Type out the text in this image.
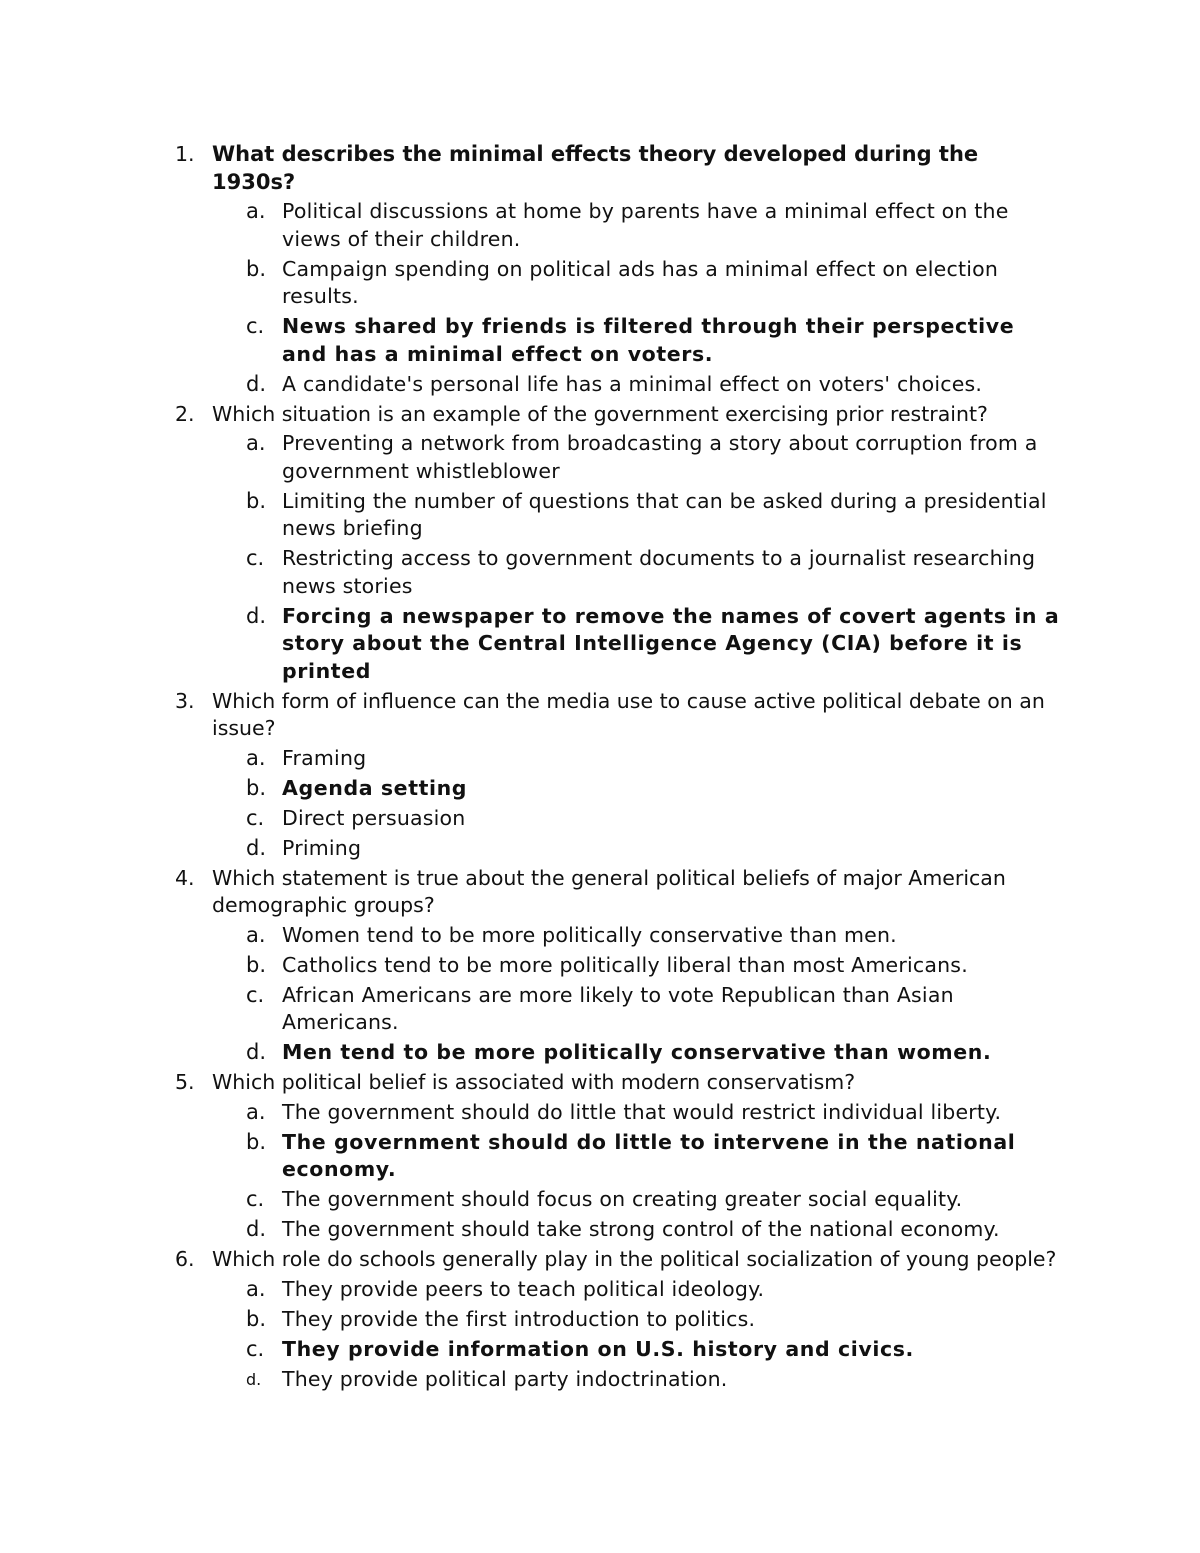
1. What describes the minimal effects theory developed during the 1930s?
a. Political discussions at home by parents have a minimal effect on the views of their children.
b. Campaign spending on political ads has a minimal effect on election results.
c. News shared by friends is filtered through their perspective and has a minimal effect on voters.
d. A candidate's personal life has a minimal effect on voters' choices.
2. Which situation is an example of the government exercising prior restraint?
a. Preventing a network from broadcasting a story about corruption from a government whistleblower
b. Limiting the number of questions that can be asked during a presidential news briefing
c. Restricting access to government documents to a journalist researching news stories
d. Forcing a newspaper to remove the names of covert agents in a story about the Central Intelligence Agency (CIA) before it is printed
3. Which form of influence can the media use to cause active political debate on an issue?
a. Framing
b. Agenda setting
c. Direct persuasion
d. Priming
4. Which statement is true about the general political beliefs of major American demographic groups?
a. Women tend to be more politically conservative than men.
b. Catholics tend to be more politically liberal than most Americans.
c. African Americans are more likely to vote Republican than Asian Americans.
d. Men tend to be more politically conservative than women.
5. Which political belief is associated with modern conservatism?
a. The government should do little that would restrict individual liberty.
b. The government should do little to intervene in the national economy.
c. The government should focus on creating greater social equality.
d. The government should take strong control of the national economy.
6. Which role do schools generally play in the political socialization of young people?
a. They provide peers to teach political ideology.
b. They provide the first introduction to politics.
c. They provide information on U.S. history and civics.
d. They provide political party indoctrination.
